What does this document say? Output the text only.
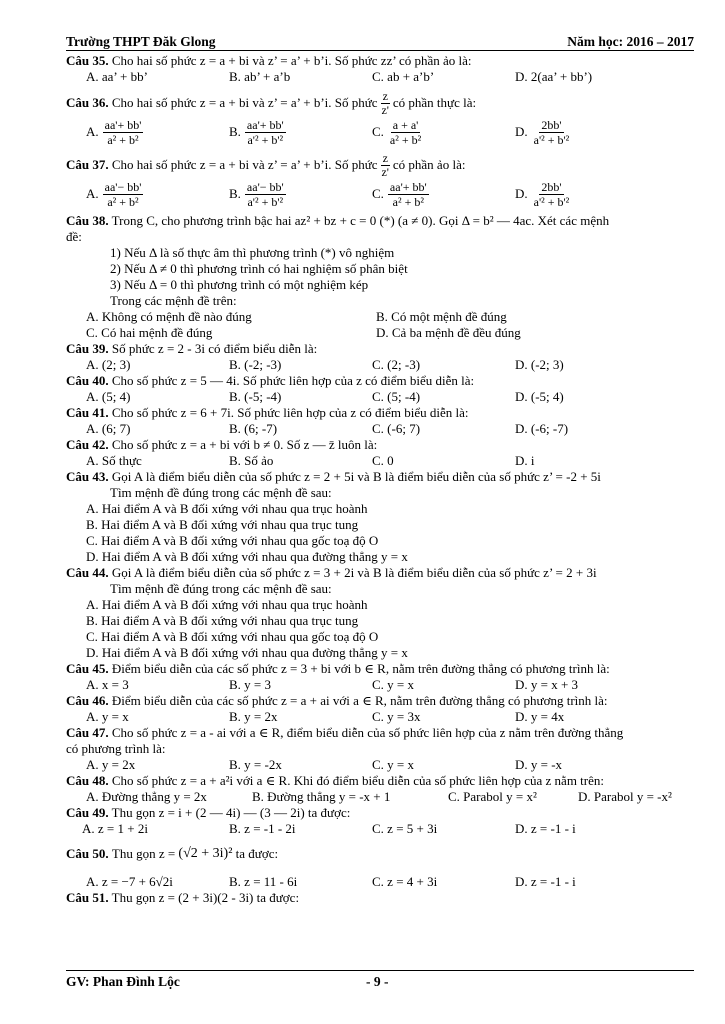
Trường THPT Đăk Glong	Năm học: 2016 – 2017
Câu 35. Cho hai số phức z = a + bi và z’ = a’ + b’i. Số phức zz’ có phần ảo là:
A. aa’ + bb’	B. ab’ + a’b	C. ab + a’b’	D. 2(aa’ + bb’)
Câu 36.
Cho hai số phức z = a + bi và z’ = a’ + b’i. Số phức $\frac{z}{z'}$ có phần thực là:
A. $\frac{aa'+ bb'}{\text{a² + b²}}$	B. $\frac{aa'+ bb'}{\text{a'² + b'²}}$	C. $\frac{a + a'}{\text{a² + b²}}$	D. $\frac{2bb'}{\text{a'² + b'²}}$
Câu 37.
Cho hai số phức z = a + bi và z’ = a’ + b’i. Số phức $\frac{z}{z'}$ có phần ảo là:
A. $\frac{aa'- bb'}{\text{a² + b²}}$	B. $\frac{aa'- bb'}{\text{a'² + b'²}}$	C. $\frac{aa'+ bb'}{\text{a² + b²}}$	D. $\frac{2bb'}{\text{a'² + b'²}}$
Câu 38. Trong C, cho phương trình bậc hai az² + bz + c = 0 (*) (a ≠ 0). Gọi Δ = b² — 4ac. Xét các mệnh
đề:
1) Nếu Δ là số thực âm thì phương trình (*) vô nghiệm
2) Nếu Δ ≠ 0 thì phương trình có hai nghiệm số phân biệt
3) Nếu Δ = 0 thì phương trình có một nghiệm kép
Trong các mệnh đề trên:
A. Không có mệnh đề nào đúng	B. Có một mệnh đề đúng
C. Có hai mệnh đề đúng	D. Cả ba mệnh đề đều đúng
Câu 39. Số phức z = 2 - 3i có điểm biểu diễn là:
A. (2; 3)	B. (-2; -3)	C. (2; -3)	D. (-2; 3)
Câu 40. Cho số phức z = 5 — 4i. Số phức liên hợp của z có điểm biểu diễn là:
A. (5; 4)	B. (-5; -4)	C. (5; -4)	D. (-5; 4)
Câu 41. Cho số phức z = 6 + 7i. Số phức liên hợp của z có điểm biểu diễn là:
A. (6; 7)	B. (6; -7)	C. (-6; 7)	D. (-6; -7)
Câu 42. Cho số phức z = a + bi với b ≠ 0. Số z — z̄ luôn là:
A. Số thực	B. Số ảo	C. 0	D. i
Câu 43. Gọi A là điểm biểu diễn của số phức z = 2 + 5i và B là điểm biểu diễn của số phức z’ = -2 + 5i
Tìm mệnh đề đúng trong các mệnh đề sau:
A. Hai điểm A và B đối xứng với nhau qua trục hoành
B. Hai điểm A và B đối xứng với nhau qua trục tung
C. Hai điểm A và B đối xứng với nhau qua gốc toạ độ O
D. Hai điểm A và B đối xứng với nhau qua đường thẳng y = x
Câu 44. Gọi A là điểm biểu diễn của số phức z = 3 + 2i và B là điểm biểu diễn của số phức z’ = 2 + 3i
Tìm mệnh đề đúng trong các mệnh đề sau:
A. Hai điểm A và B đối xứng với nhau qua trục hoành
B. Hai điểm A và B đối xứng với nhau qua trục tung
C. Hai điểm A và B đối xứng với nhau qua gốc toạ độ O
D. Hai điểm A và B đối xứng với nhau qua đường thẳng y = x
Câu 45. Điểm biểu diễn của các số phức z = 3 + bi với b ∈ R, nằm trên đường thẳng có phương trình là:
A. x = 3	B. y = 3	C. y = x	D. y = x + 3
Câu 46. Điểm biểu diễn của các số phức z = a + ai với a ∈ R, nằm trên đường thẳng có phương trình là:
A. y = x	B. y = 2x	C. y = 3x	D. y = 4x
Câu 47. Cho số phức z = a - ai với a ∈ R, điểm biểu diễn của số phức liên hợp của z nằm trên đường thẳng
có phương trình là:
A. y = 2x	B. y = -2x	C. y = x	D. y = -x
Câu 48. Cho số phức z = a + a²i với a ∈ R. Khi đó điểm biểu diễn của số phức liên hợp của z nằm trên:
A. Đường thẳng y = 2x	B. Đường thẳng y = -x + 1	C. Parabol y = x²	D. Parabol y = -x²
Câu 49. Thu gọn z = i + (2 — 4i) — (3 — 2i) ta được:
A. z = 1 + 2i	B. z = -1 - 2i	C. z = 5 + 3i	D. z = -1 - i
Câu 50.
Thu gọn z =
(√2 + 3i)²
ta được:
A. z = −7 + 6√2i	B. z = 11 - 6i	C. z = 4 + 3i	D. z = -1 - i
Câu 51. Thu gọn z = (2 + 3i)(2 - 3i) ta được:
GV: Phan Đình Lộc	- 9 -
